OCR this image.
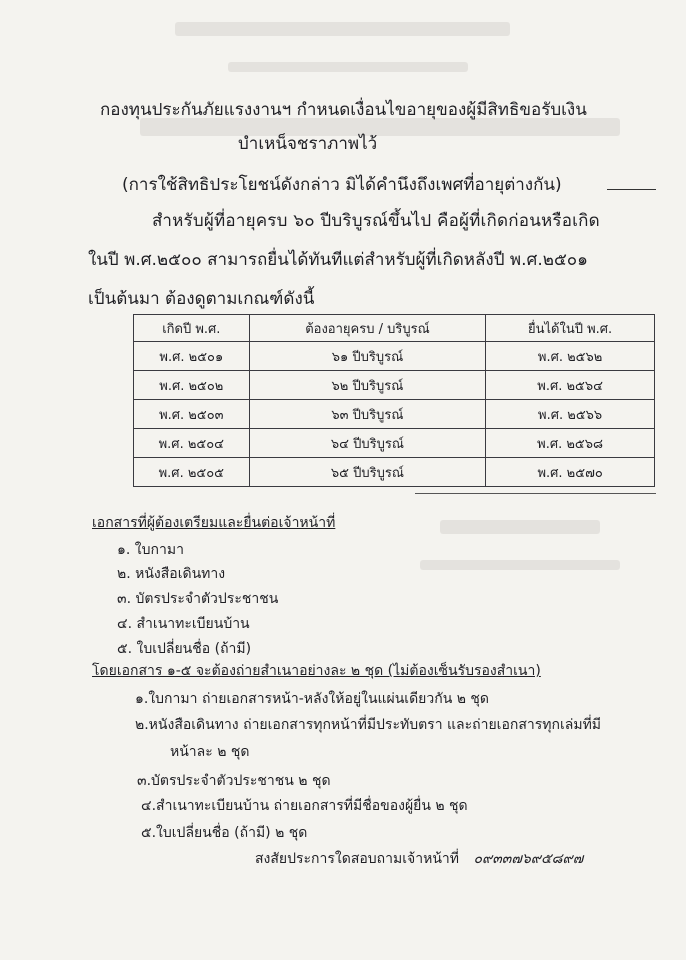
กองทุนประกันภัยแรงงานฯ กำหนดเงื่อนไขอายุของผู้มีสิทธิขอรับเงิน
บำเหน็จชราภาพไว้
(การใช้สิทธิประโยชน์ดังกล่าว มิได้คำนึงถึงเพศที่อายุต่างกัน)
สำหรับผู้ที่อายุครบ ๖๐ ปีบริบูรณ์ขึ้นไป คือผู้ที่เกิดก่อนหรือเกิด
ในปี พ.ศ.๒๕๐๐ สามารถยื่นได้ทันทีแต่สำหรับผู้ที่เกิดหลังปี พ.ศ.๒๕๐๑
เป็นต้นมา ต้องดูตามเกณฑ์ดังนี้
เกิดปี พ.ศ.	ต้องอายุครบ / บริบูรณ์	ยื่นได้ในปี พ.ศ.
พ.ศ. ๒๕๐๑	๖๑ ปีบริบูรณ์	พ.ศ. ๒๕๖๒
พ.ศ. ๒๕๐๒	๖๒ ปีบริบูรณ์	พ.ศ. ๒๕๖๔
พ.ศ. ๒๕๐๓	๖๓ ปีบริบูรณ์	พ.ศ. ๒๕๖๖
พ.ศ. ๒๕๐๔	๖๔ ปีบริบูรณ์	พ.ศ. ๒๕๖๘
พ.ศ. ๒๕๐๕	๖๕ ปีบริบูรณ์	พ.ศ. ๒๕๗๐
เอกสารที่ผู้ต้องเตรียมและยื่นต่อเจ้าหน้าที่
๑. ใบกามา
๒. หนังสือเดินทาง
๓. บัตรประจำตัวประชาชน
๔. สำเนาทะเบียนบ้าน
๕. ใบเปลี่ยนชื่อ (ถ้ามี)
โดยเอกสาร ๑-๕ จะต้องถ่ายสำเนาอย่างละ ๒ ชุด (ไม่ต้องเซ็นรับรองสำเนา)
๑.ใบกามา ถ่ายเอกสารหน้า-หลังให้อยู่ในแผ่นเดียวกัน ๒ ชุด
๒.หนังสือเดินทาง ถ่ายเอกสารทุกหน้าที่มีประทับตรา และถ่ายเอกสารทุกเล่มที่มี
หน้าละ ๒ ชุด
๓.บัตรประจำตัวประชาชน ๒ ชุด
๔.สำเนาทะเบียนบ้าน ถ่ายเอกสารที่มีชื่อของผู้ยื่น ๒ ชุด
๕.ใบเปลี่ยนชื่อ (ถ้ามี) ๒ ชุด
สงสัยประการใดสอบถามเจ้าหน้าที่ ๐๙๓๓๗๖๙๕๘๙๗
